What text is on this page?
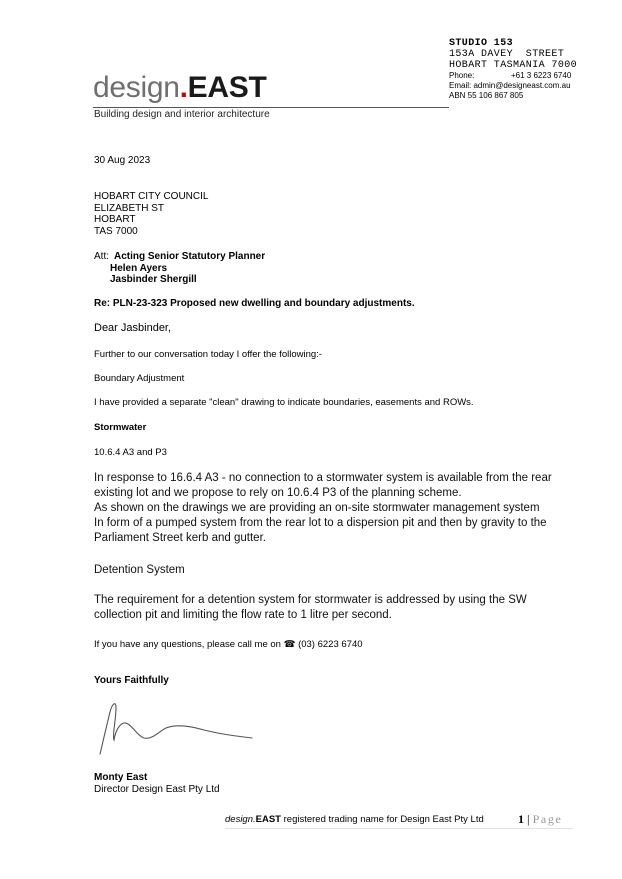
STUDIO 153
153A DAVEY  STREET
HOBART TASMANIA 7000
Phone:	+61 3 6223 6740
Email: admin@designeast.com.au
ABN 55 106 867 805
design.EAST
Building design and interior architecture
30 Aug 2023
HOBART CITY COUNCIL
ELIZABETH ST
HOBART
TAS 7000
Att: Acting Senior Statutory Planner
Helen Ayers
Jasbinder Shergill
Re: PLN-23-323 Proposed new dwelling and boundary adjustments.
Dear Jasbinder,
Further to our conversation today I offer the following:-
Boundary Adjustment
I have provided a separate "clean" drawing to indicate boundaries, easements and ROWs.
Stormwater
10.6.4 A3 and P3
In response to 16.6.4 A3 - no connection to a stormwater system is available from the rear
existing lot and we propose to rely on 10.6.4 P3 of the planning scheme.
As shown on the drawings we are providing an on-site stormwater management system
In form of a pumped system from the rear lot to a dispersion pit and then by gravity to the
Parliament Street kerb and gutter.
Detention System
The requirement for a detention system for stormwater is addressed by using the SW
collection pit and limiting the flow rate to 1 litre per second.
If you have any questions, please call me on ☎ (03) 6223 6740
Yours Faithfully
Monty East
Director Design East Pty Ltd
design.EAST registered trading name for Design East Pty Ltd	1 | Page
